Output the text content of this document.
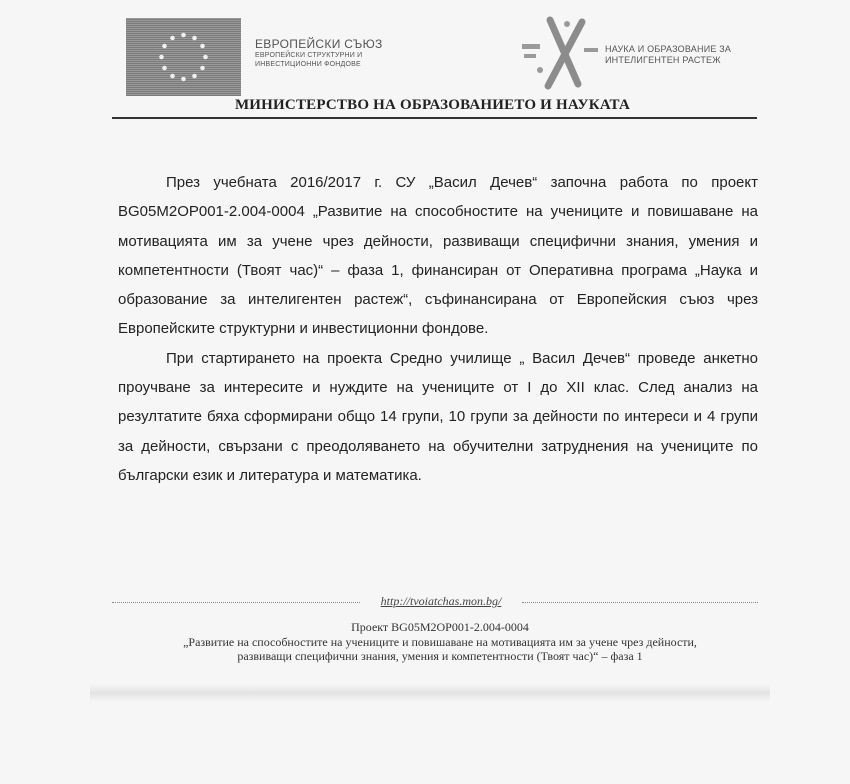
ЕВРОПЕЙСКИ СЪЮЗ
ЕВРОПЕЙСКИ СТРУКТУРНИ И
ИНВЕСТИЦИОННИ ФОНДОВЕ
НАУКА И ОБРАЗОВАНИЕ ЗА
ИНТЕЛИГЕНТЕН РАСТЕЖ
МИНИСТЕРСТВО НА ОБРАЗОВАНИЕТО И НАУКАТА

През учебната 2016/2017 г. СУ „Васил Дечев“ започна работа по проект BG05M2OP001-2.004-0004 „Развитие на способностите на учениците и повишаване на мотивацията им за учене чрез дейности, развиващи специфични знания, умения и компетентности (Твоят час)“ – фаза 1, финансиран от Оперативна програма „Наука и образование за интелигентен растеж“, съфинансирана от Европейския съюз чрез Европейските структурни и инвестиционни фондове.

При стартирането на проекта Средно училище „ Васил Дечев“ проведе анкетно проучване за интересите и нуждите на учениците от I до XII клас. След анализ на резултатите бяха сформирани общо 14 групи, 10 групи за дейности по интереси и 4 групи за дейности, свързани с преодоляването на обучителни затруднения на учениците по български език и литература и математика.

http://tvoiatchas.mon.bg/
Проект BG05M2OP001-2.004-0004
„Развитие на способностите на учениците и повишаване на мотивацията им за учене чрез дейности,
развиващи специфични знания, умения и компетентности (Твоят час)“ – фаза 1
